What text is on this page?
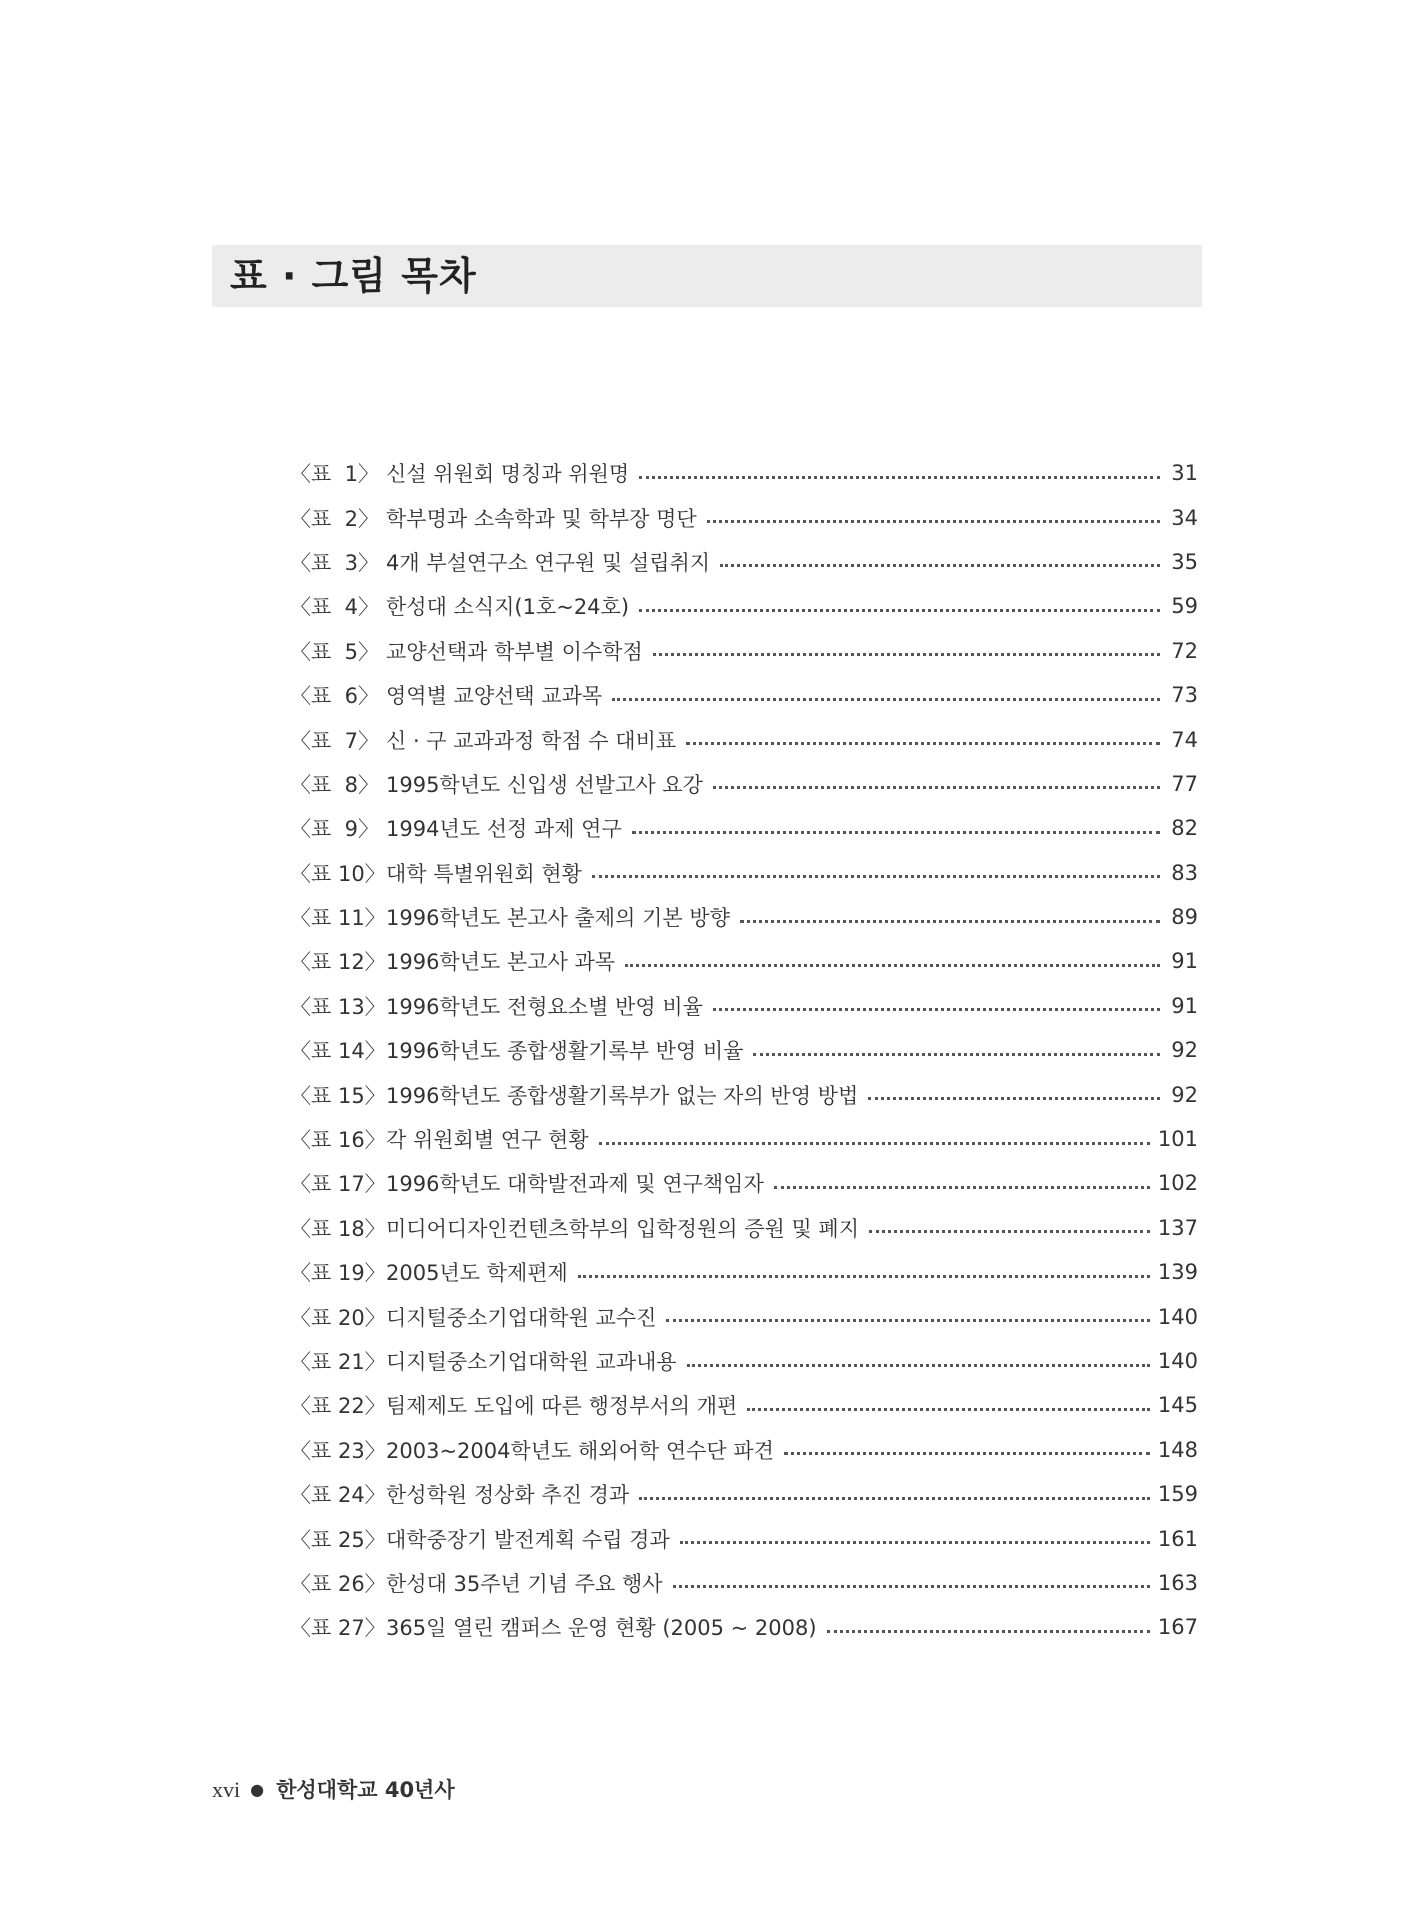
표 · 그림 목차
〈표  1〉 신설 위원회 명칭과 위원명	31
〈표  2〉 학부명과 소속학과 및 학부장 명단	34
〈표  3〉 4개 부설연구소 연구원 및 설립취지	35
〈표  4〉 한성대 소식지(1호~24호)	59
〈표  5〉 교양선택과 학부별 이수학점	72
〈표  6〉 영역별 교양선택 교과목	73
〈표  7〉 신 · 구 교과과정 학점 수 대비표	74
〈표  8〉 1995학년도 신입생 선발고사 요강	77
〈표  9〉 1994년도 선정 과제 연구	82
〈표 10〉 대학 특별위원회 현황	83
〈표 11〉 1996학년도 본고사 출제의 기본 방향	89
〈표 12〉 1996학년도 본고사 과목	91
〈표 13〉 1996학년도 전형요소별 반영 비율	91
〈표 14〉 1996학년도 종합생활기록부 반영 비율	92
〈표 15〉 1996학년도 종합생활기록부가 없는 자의 반영 방법	92
〈표 16〉 각 위원회별 연구 현황	101
〈표 17〉 1996학년도 대학발전과제 및 연구책임자	102
〈표 18〉 미디어디자인컨텐츠학부의 입학정원의 증원 및 폐지	137
〈표 19〉 2005년도 학제편제	139
〈표 20〉 디지털중소기업대학원 교수진	140
〈표 21〉 디지털중소기업대학원 교과내용	140
〈표 22〉 팀제제도 도입에 따른 행정부서의 개편	145
〈표 23〉 2003~2004학년도 해외어학 연수단 파견	148
〈표 24〉 한성학원 정상화 추진 경과	159
〈표 25〉 대학중장기 발전계획 수립 경과	161
〈표 26〉 한성대 35주년 기념 주요 행사	163
〈표 27〉 365일 열린 캠퍼스 운영 현황 (2005 ~ 2008)	167
xvi ● 한성대학교 40년사
